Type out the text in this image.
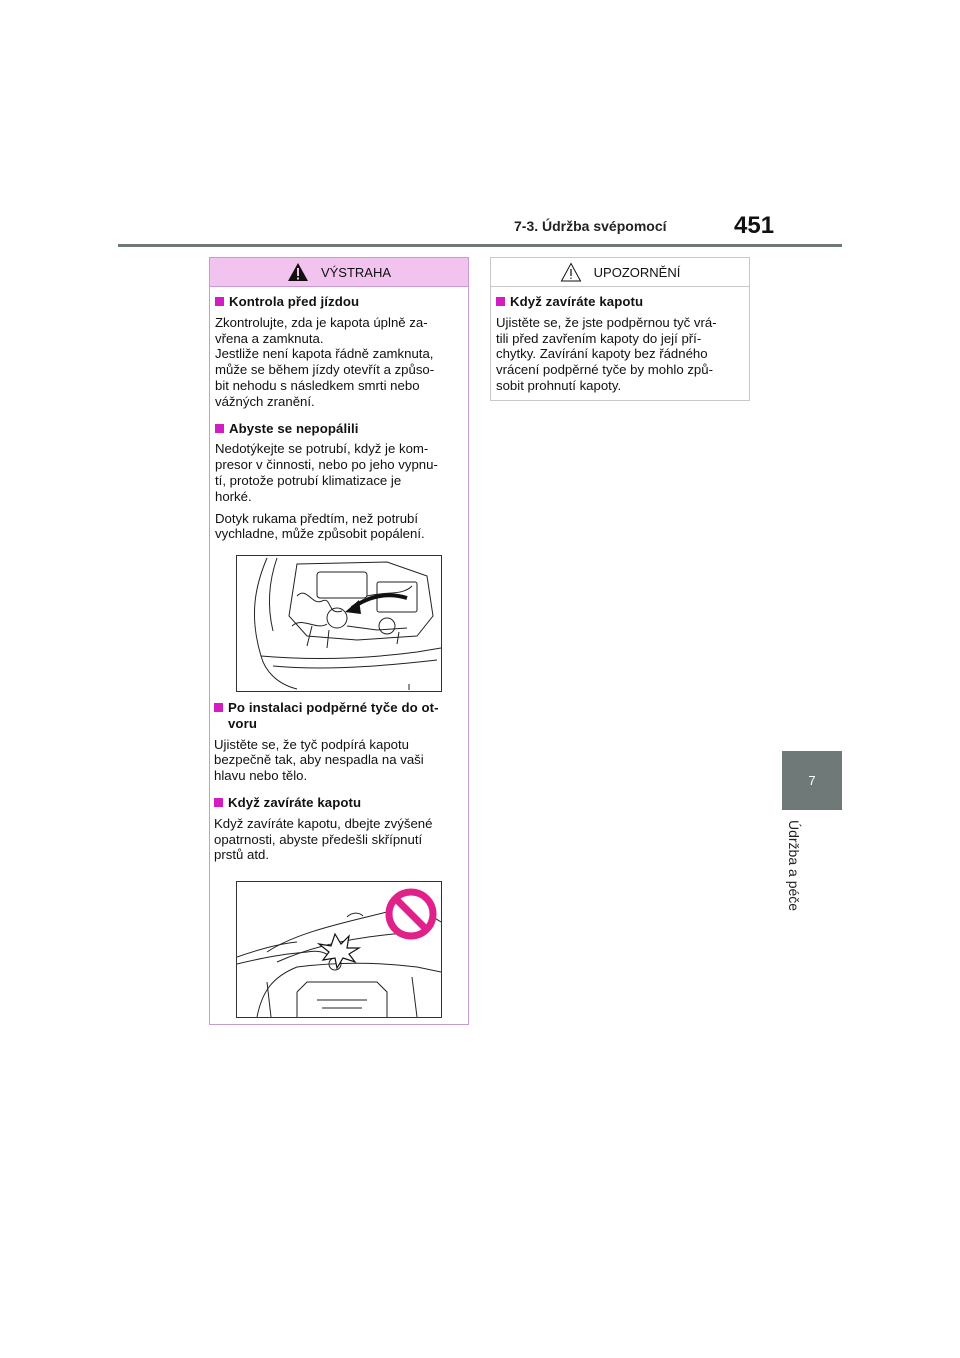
7-3. Údržba svépomocí	451
7
Údržba a péče
VÝSTRAHA
Kontrola před jízdou
Zkontrolujte, zda je kapota úplně za-
vřena a zamknuta.
Jestliže není kapota řádně zamknuta,
může se během jízdy otevřít a způso-
bit nehodu s následkem smrti nebo
vážných zranění.
Abyste se nepopálili
Nedotýkejte se potrubí, když je kom-
presor v činnosti, nebo po jeho vypnu-
tí, protože potrubí klimatizace je
horké.
Dotyk rukama předtím, než potrubí
vychladne, může způsobit popálení.
Po instalaci podpěrné tyče do ot-
voru
Ujistěte se, že tyč podpírá kapotu
bezpečně tak, aby nespadla na vaši
hlavu nebo tělo.
Když zavíráte kapotu
Když zavíráte kapotu, dbejte zvýšené
opatrnosti, abyste předešli skřípnutí
prstů atd.
UPOZORNĚNÍ
Když zavíráte kapotu
Ujistěte se, že jste podpěrnou tyč vrá-
tili před zavřením kapoty do její pří-
chytky. Zavírání kapoty bez řádného
vrácení podpěrné tyče by mohlo způ-
sobit prohnutí kapoty.
